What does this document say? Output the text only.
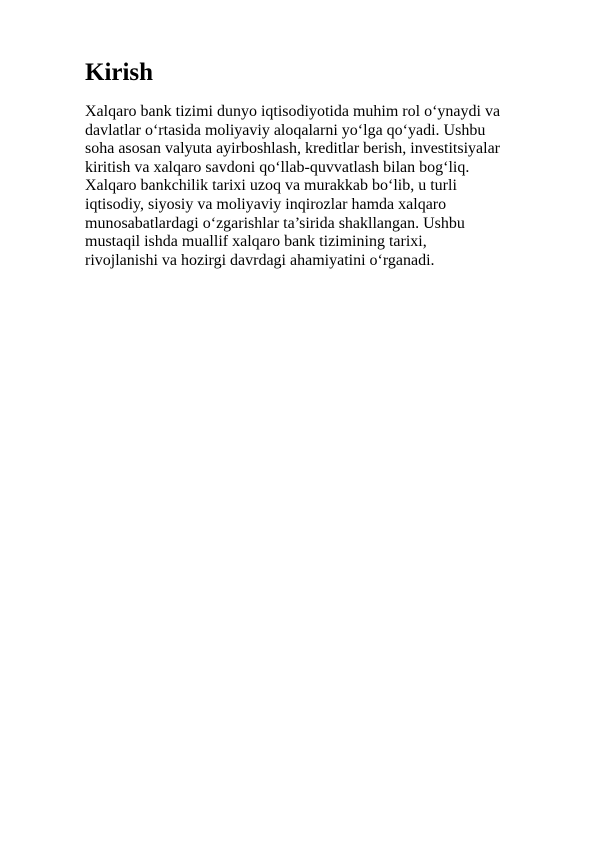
Kirish
Xalqaro bank tizimi dunyo iqtisodiyotida muhim rol o‘ynaydi va
davlatlar o‘rtasida moliyaviy aloqalarni yo‘lga qo‘yadi. Ushbu
soha asosan valyuta ayirboshlash, kreditlar berish, investitsiyalar
kiritish va xalqaro savdoni qo‘llab-quvvatlash bilan bog‘liq.
Xalqaro bankchilik tarixi uzoq va murakkab bo‘lib, u turli
iqtisodiy, siyosiy va moliyaviy inqirozlar hamda xalqaro
munosabatlardagi o‘zgarishlar ta’sirida shakllangan. Ushbu
mustaqil ishda muallif xalqaro bank tizimining tarixi,
rivojlanishi va hozirgi davrdagi ahamiyatini o‘rganadi.
